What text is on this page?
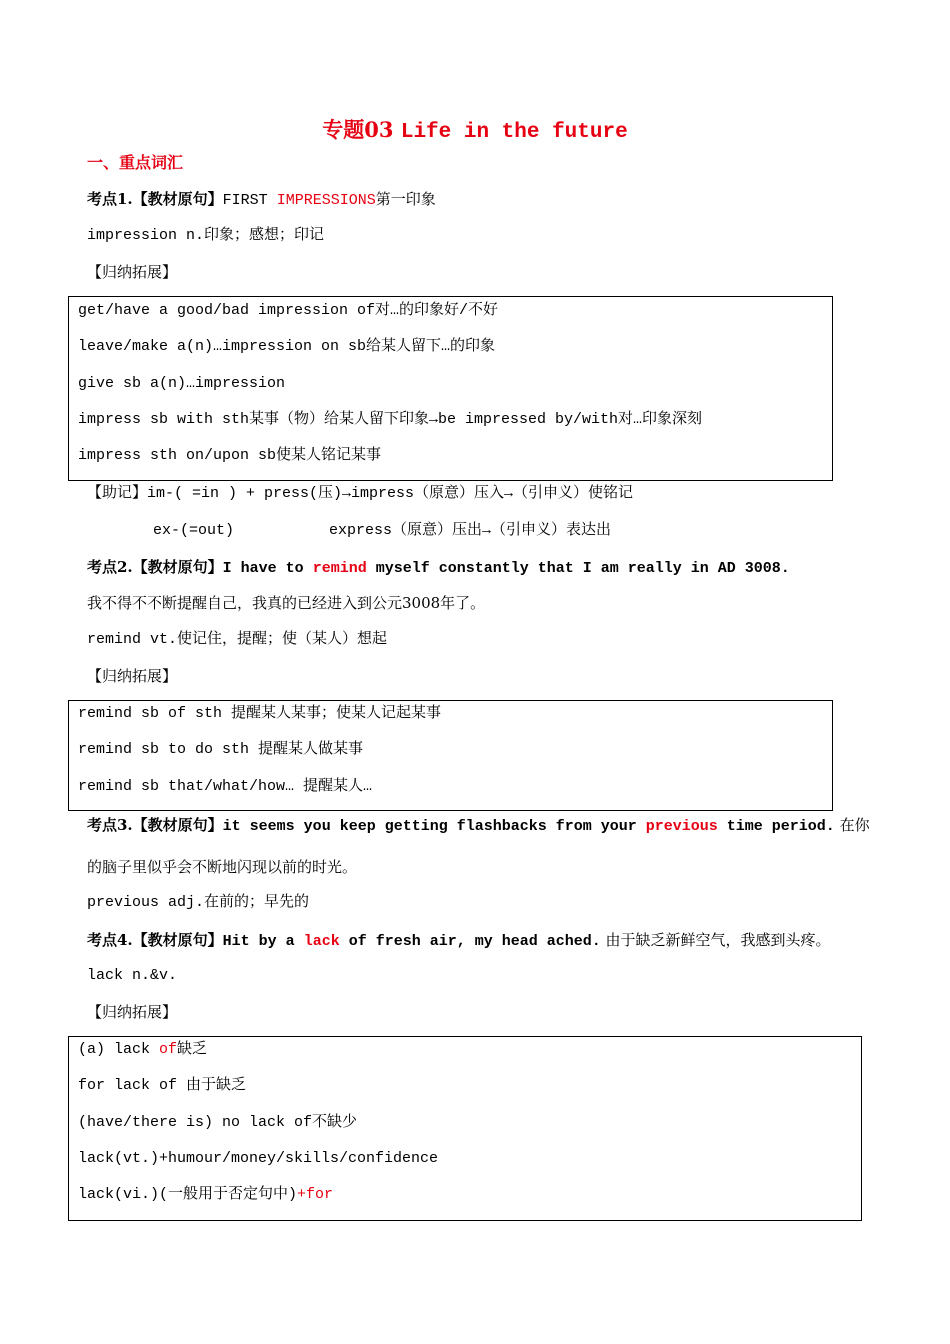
专题03 Life in the future
一、重点词汇
考点1.【教材原句】FIRST IMPRESSIONS第一印象
impression n.印象；感想；印记
【归纳拓展】
get/have a good/bad impression of对…的印象好/不好
leave/make a(n)…impression on sb给某人留下…的印象
give sb a(n)…impression
impress sb with sth某事（物）给某人留下印象→be impressed by/with对…印象深刻
impress sth on/upon sb使某人铭记某事
【助记】im-( =in ) + press(压)→impress（原意）压入→（引申义）使铭记
ex-(=out)	express（原意）压出→（引申义）表达出
考点2.【教材原句】I have to remind myself constantly that I am really in AD 3008.
我不得不不断提醒自己，我真的已经进入到公元3008年了。
remind vt.使记住，提醒；使（某人）想起
【归纳拓展】
remind sb of sth 提醒某人某事；使某人记起某事
remind sb to do sth 提醒某人做某事
remind sb that/what/how… 提醒某人…
考点3.【教材原句】it seems you keep getting flashbacks from your previous time period. 在你
的脑子里似乎会不断地闪现以前的时光。
previous adj.在前的；早先的
考点4.【教材原句】Hit by a lack of fresh air, my head ached. 由于缺乏新鲜空气，我感到头疼。
lack n.&v.
【归纳拓展】
(a) lack of缺乏
for lack of 由于缺乏
(have/there is) no lack of不缺少
lack(vt.)+humour/money/skills/confidence
lack(vi.)(一般用于否定句中)+for
